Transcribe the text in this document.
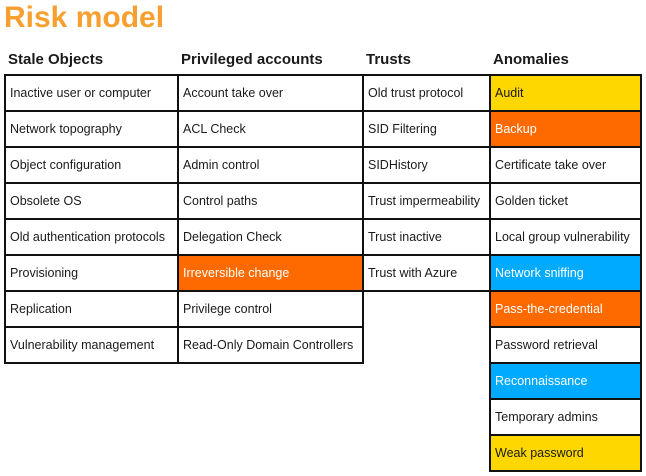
Risk model
Stale Objects
Inactive user or computer
Network topography
Object configuration
Obsolete OS
Old authentication protocols
Provisioning
Replication
Vulnerability management
Privileged accounts
Account take over
ACL Check
Admin control
Control paths
Delegation Check
Irreversible change
Privilege control
Read-Only Domain Controllers
Trusts
Old trust protocol
SID Filtering
SIDHistory
Trust impermeability
Trust inactive
Trust with Azure
Anomalies
Audit
Backup
Certificate take over
Golden ticket
Local group vulnerability
Network sniffing
Pass-the-credential
Password retrieval
Reconnaissance
Temporary admins
Weak password
